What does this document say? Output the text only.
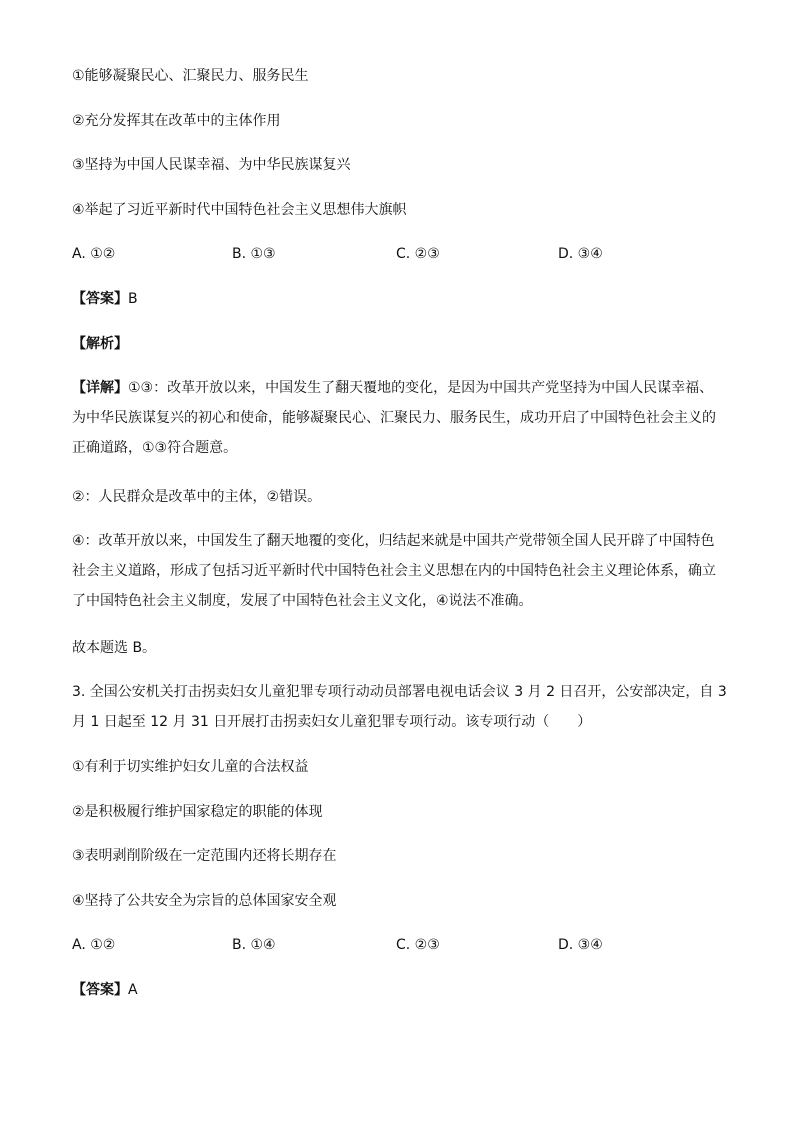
①能够凝聚民心、汇聚民力、服务民生
②充分发挥其在改革中的主体作用
③坚持为中国人民谋幸福、为中华民族谋复兴
④举起了习近平新时代中国特色社会主义思想伟大旗帜
A. ①②	B. ①③	C. ②③	D. ③④
【答案】B
【解析】
【详解】①③：改革开放以来，中国发生了翻天覆地的变化，是因为中国共产党坚持为中国人民谋幸福、
为中华民族谋复兴的初心和使命，能够凝聚民心、汇聚民力、服务民生，成功开启了中国特色社会主义的
正确道路，①③符合题意。
②：人民群众是改革中的主体，②错误。
④：改革开放以来，中国发生了翻天地覆的变化，归结起来就是中国共产党带领全国人民开辟了中国特色
社会主义道路，形成了包括习近平新时代中国特色社会主义思想在内的中国特色社会主义理论体系，确立
了中国特色社会主义制度，发展了中国特色社会主义文化，④说法不准确。
故本题选 B。
3. 全国公安机关打击拐卖妇女儿童犯罪专项行动动员部署电视电话会议 3 月 2 日召开，公安部决定，自 3
月 1 日起至 12 月 31 日开展打击拐卖妇女儿童犯罪专项行动。该专项行动（　　）
①有利于切实维护妇女儿童的合法权益
②是积极履行维护国家稳定的职能的体现
③表明剥削阶级在一定范围内还将长期存在
④坚持了公共安全为宗旨的总体国家安全观
A. ①②	B. ①④	C. ②③	D. ③④
【答案】A
